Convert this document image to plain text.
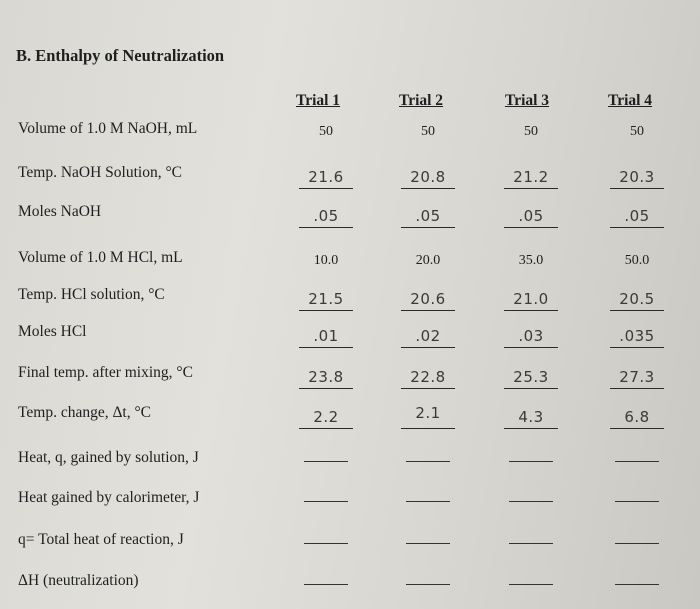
B. Enthalpy of Neutralization
Trial 1	Trial 2	Trial 3	Trial 4
Volume of 1.0 M NaOH, mL	50	50	50	50
Temp. NaOH Solution, °C	21.6	20.8	21.2	20.3
Moles NaOH	.05	.05	.05	.05
Volume of 1.0 M HCl, mL	10.0	20.0	35.0	50.0
Temp. HCl solution, °C	21.5	20.6	21.0	20.5
Moles HCl	.01	.02	.03	.035
Final temp. after mixing, °C	23.8	22.8	25.3	27.3
Temp. change, Δt, °C	2.2	2.1	4.3	6.8
Heat, q, gained by solution, J
Heat gained by calorimeter, J
q= Total heat of reaction, J
ΔH (neutralization)
